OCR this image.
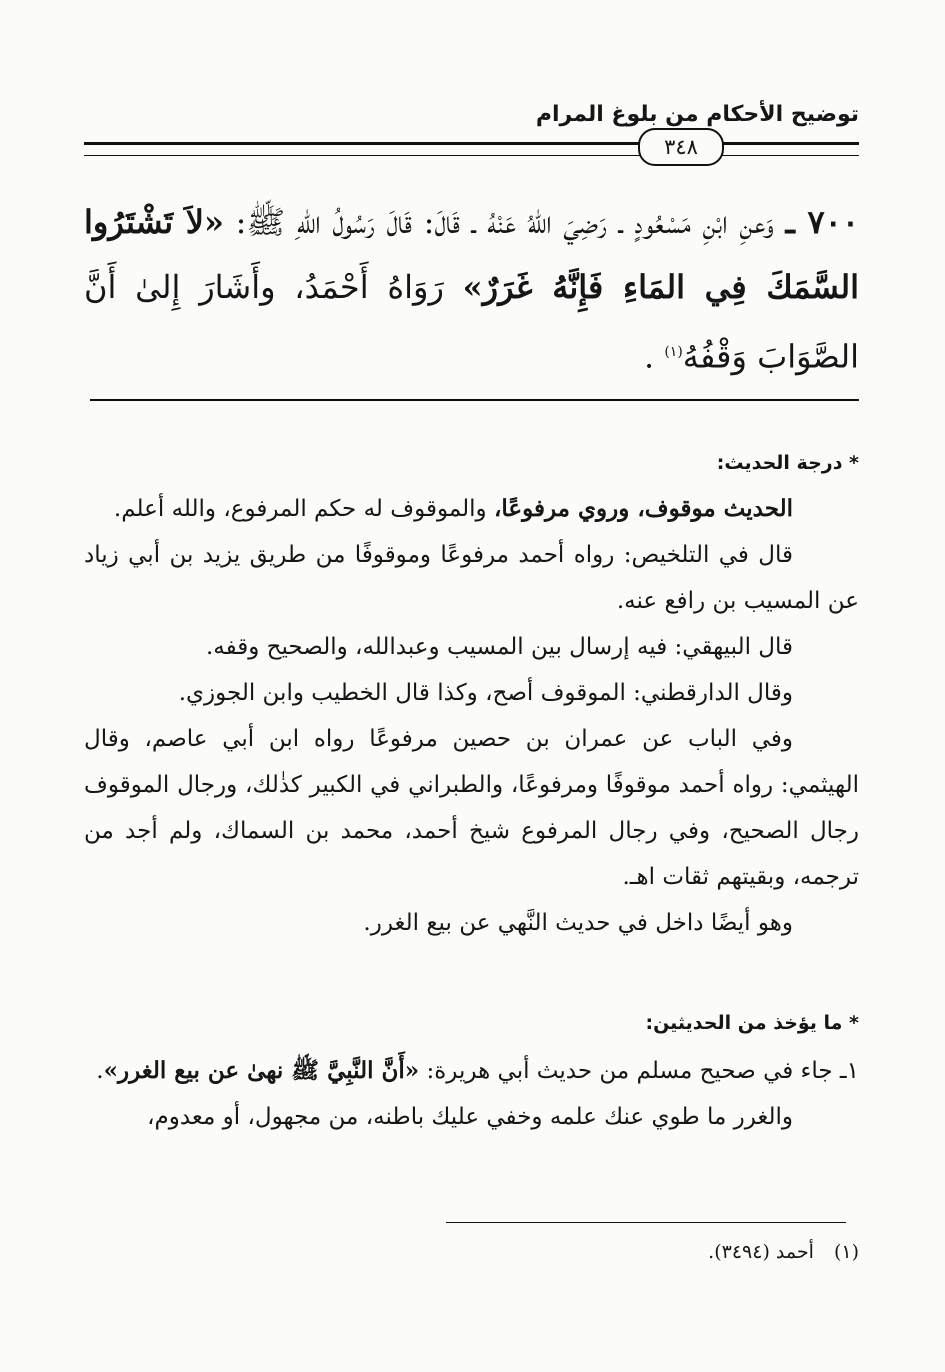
توضيح الأحكام من بلوغ المرام
٣٤٨
٧٠٠ ـ وَعنِ ابْنِ مَسْعُودٍ ـ رَضِيَ اللهُ عَنْهُ ـ قَالَ: قَالَ رَسُولُ اللهِ ﷺ: «لاَ تَشْتَرُوا السَّمَكَ فِي المَاءِ فَإِنَّهُ غَرَرٌ» رَوَاهُ أَحْمَدُ، وأَشَارَ إِلىٰ أَنَّ الصَّوَابَ وَقْفُهُ$^{(١)}$ .
* درجة الحديث:

الحديث موقوف، وروي مرفوعًا، والموقوف له حكم المرفوع، والله أعلم.

قال في التلخيص: رواه أحمد مرفوعًا وموقوفًا من طريق يزيد بن أبي زياد عن المسيب بن رافع عنه.

قال البيهقي: فيه إرسال بين المسيب وعبدالله، والصحيح وقفه.

وقال الدارقطني: الموقوف أصح، وكذا قال الخطيب وابن الجوزي.

وفي الباب عن عمران بن حصين مرفوعًا رواه ابن أبي عاصم، وقال الهيثمي: رواه أحمد موقوفًا ومرفوعًا، والطبراني في الكبير كذٰلك، ورجال الموقوف رجال الصحيح، وفي رجال المرفوع شيخ أحمد، محمد بن السماك، ولم أجد من ترجمه، وبقيتهم ثقات اهـ.

وهو أيضًا داخل في حديث النَّهي عن بيع الغرر.

* ما يؤخذ من الحديثين:

١ـ جاء في صحيح مسلم من حديث أبي هريرة: «أَنَّ النَّبِيَّ ﷺ نهىٰ عن بيع الغرر».

والغرر ما طوي عنك علمه وخفي عليك باطنه، من مجهول، أو معدوم،

(١) أحمد (٣٤٩٤).
